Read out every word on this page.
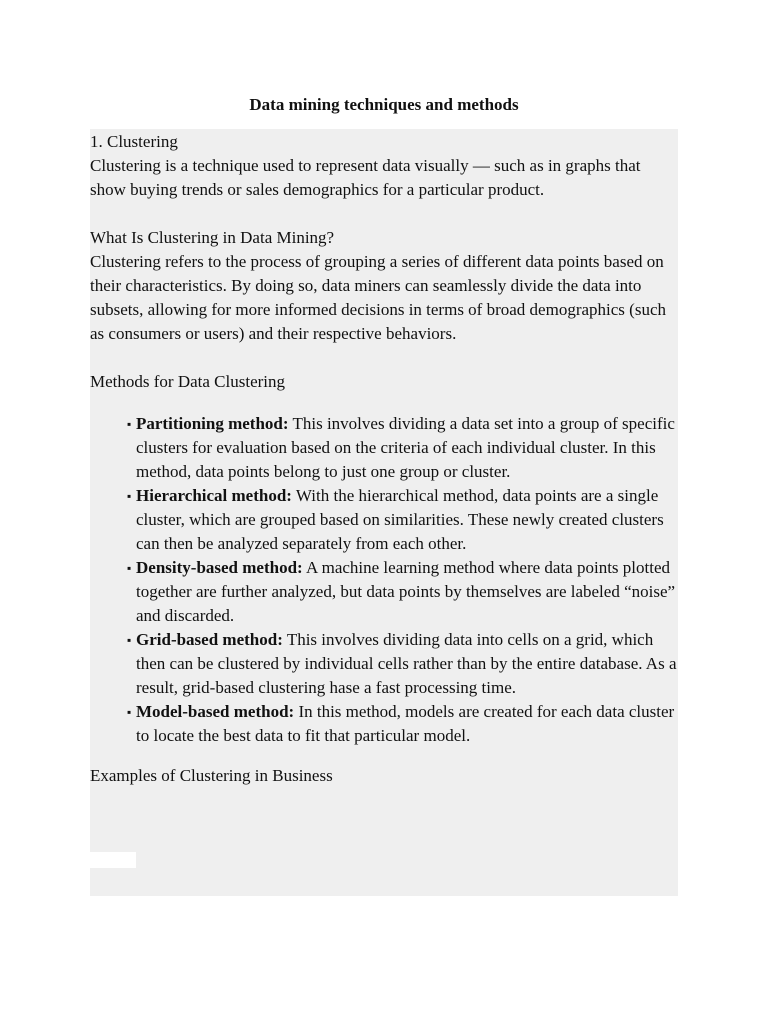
Data mining techniques and methods

1. Clustering

Clustering is a technique used to represent data visually — such as in graphs that show buying trends or sales demographics for a particular product.

What Is Clustering in Data Mining?

Clustering refers to the process of grouping a series of different data points based on their characteristics. By doing so, data miners can seamlessly divide the data into subsets, allowing for more informed decisions in terms of broad demographics (such as consumers or users) and their respective behaviors.

Methods for Data Clustering

▪ Partitioning method: This involves dividing a data set into a group of specific clusters for evaluation based on the criteria of each individual cluster. In this method, data points belong to just one group or cluster.
▪ Hierarchical method: With the hierarchical method, data points are a single cluster, which are grouped based on similarities. These newly created clusters can then be analyzed separately from each other.
▪ Density-based method: A machine learning method where data points plotted together are further analyzed, but data points by themselves are labeled “noise” and discarded.
▪ Grid-based method: This involves dividing data into cells on a grid, which then can be clustered by individual cells rather than by the entire database. As a result, grid-based clustering hase a fast processing time.
▪ Model-based method: In this method, models are created for each data cluster to locate the best data to fit that particular model.

Examples of Clustering in Business
